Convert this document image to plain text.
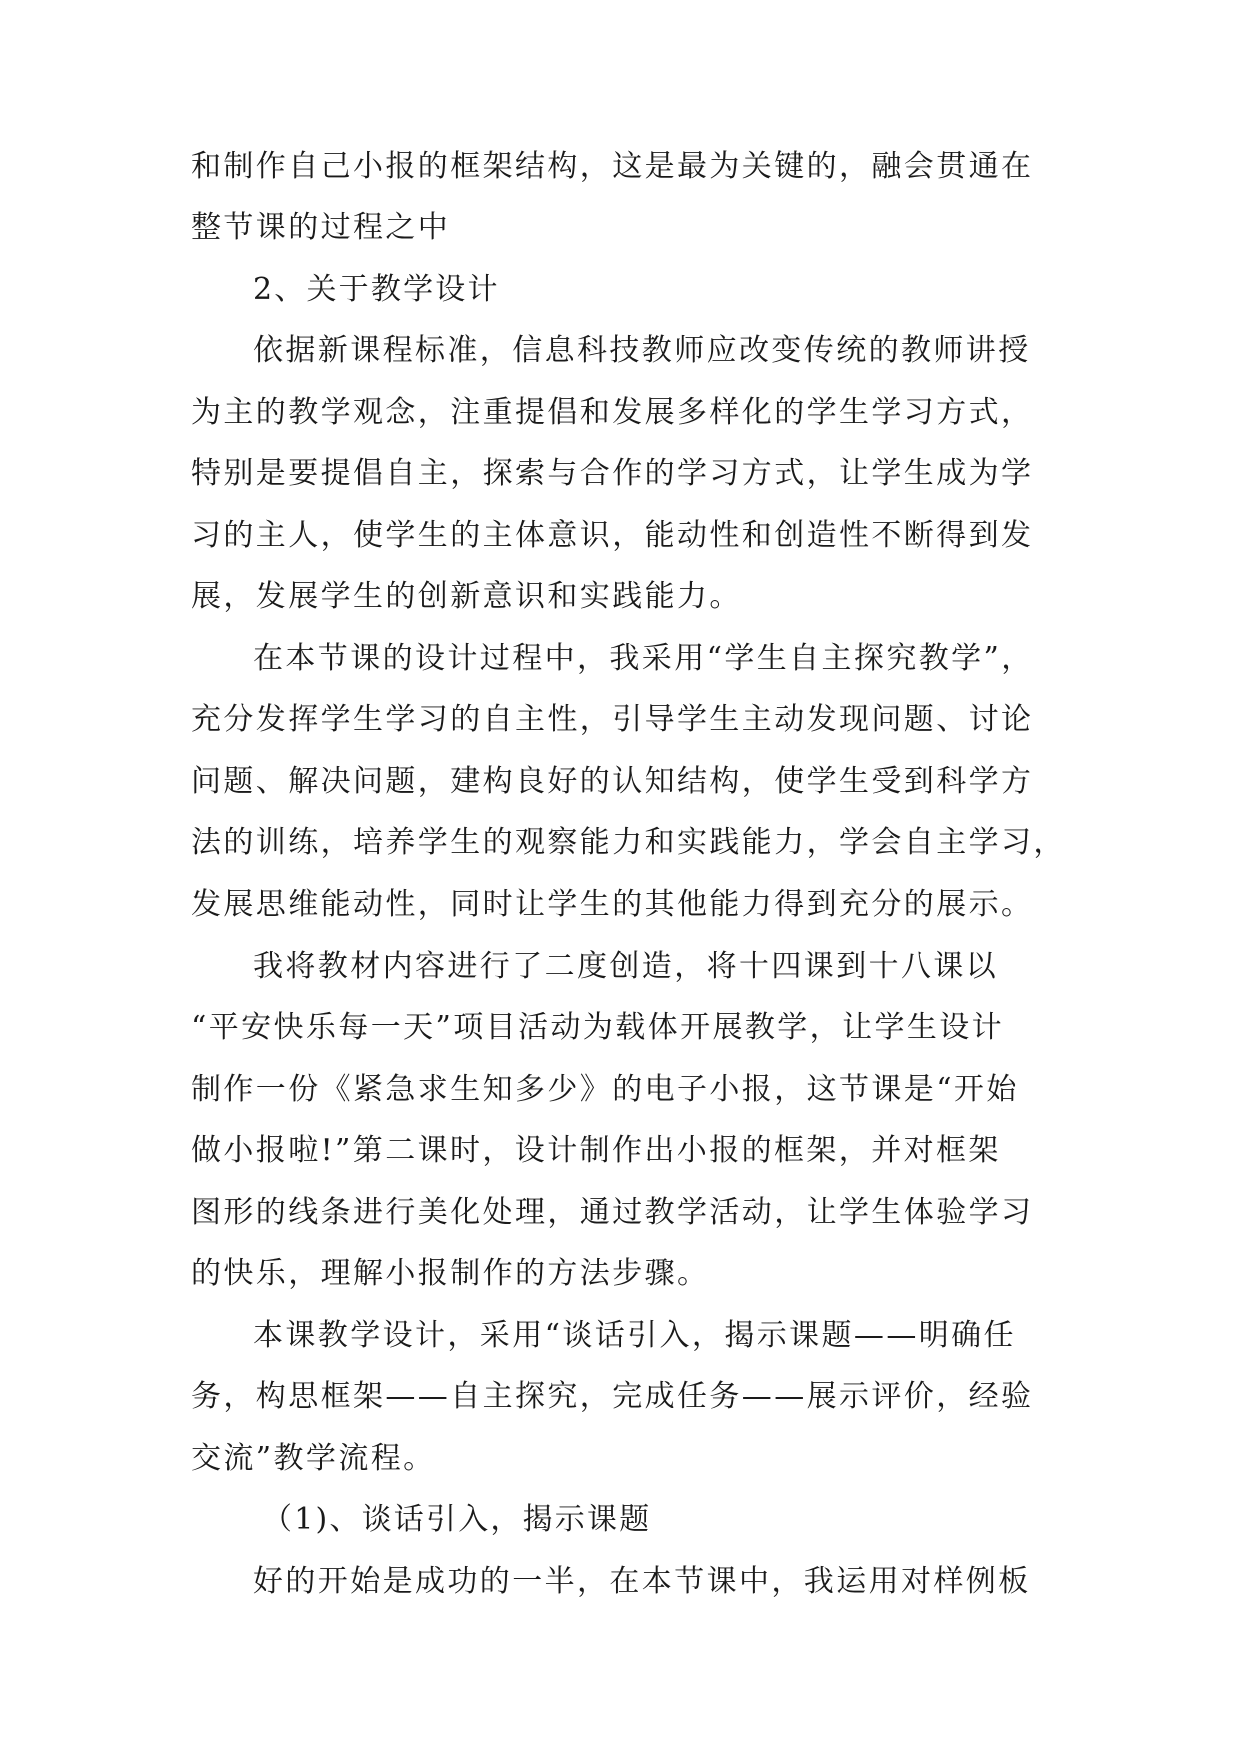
和制作自己小报的框架结构，这是最为关键的，融会贯通在
整节课的过程之中
2、关于教学设计
依据新课程标准，信息科技教师应改变传统的教师讲授
为主的教学观念，注重提倡和发展多样化的学生学习方式，
特别是要提倡自主，探索与合作的学习方式，让学生成为学
习的主人，使学生的主体意识，能动性和创造性不断得到发
展，发展学生的创新意识和实践能力。
在本节课的设计过程中，我采用“学生自主探究教学”，
充分发挥学生学习的自主性，引导学生主动发现问题、讨论
问题、解决问题，建构良好的认知结构，使学生受到科学方
法的训练，培养学生的观察能力和实践能力，学会自主学习，
发展思维能动性，同时让学生的其他能力得到充分的展示。
我将教材内容进行了二度创造，将十四课到十八课以
“平安快乐每一天”项目活动为载体开展教学，让学生设计
制作一份《紧急求生知多少》的电子小报，这节课是“开始
做小报啦!”第二课时，设计制作出小报的框架，并对框架
图形的线条进行美化处理，通过教学活动，让学生体验学习
的快乐，理解小报制作的方法步骤。
本课教学设计，采用“谈话引入，揭示课题——明确任
务，构思框架——自主探究，完成任务——展示评价，经验
交流”教学流程。
（1)、谈话引入，揭示课题
好的开始是成功的一半，在本节课中，我运用对样例板
